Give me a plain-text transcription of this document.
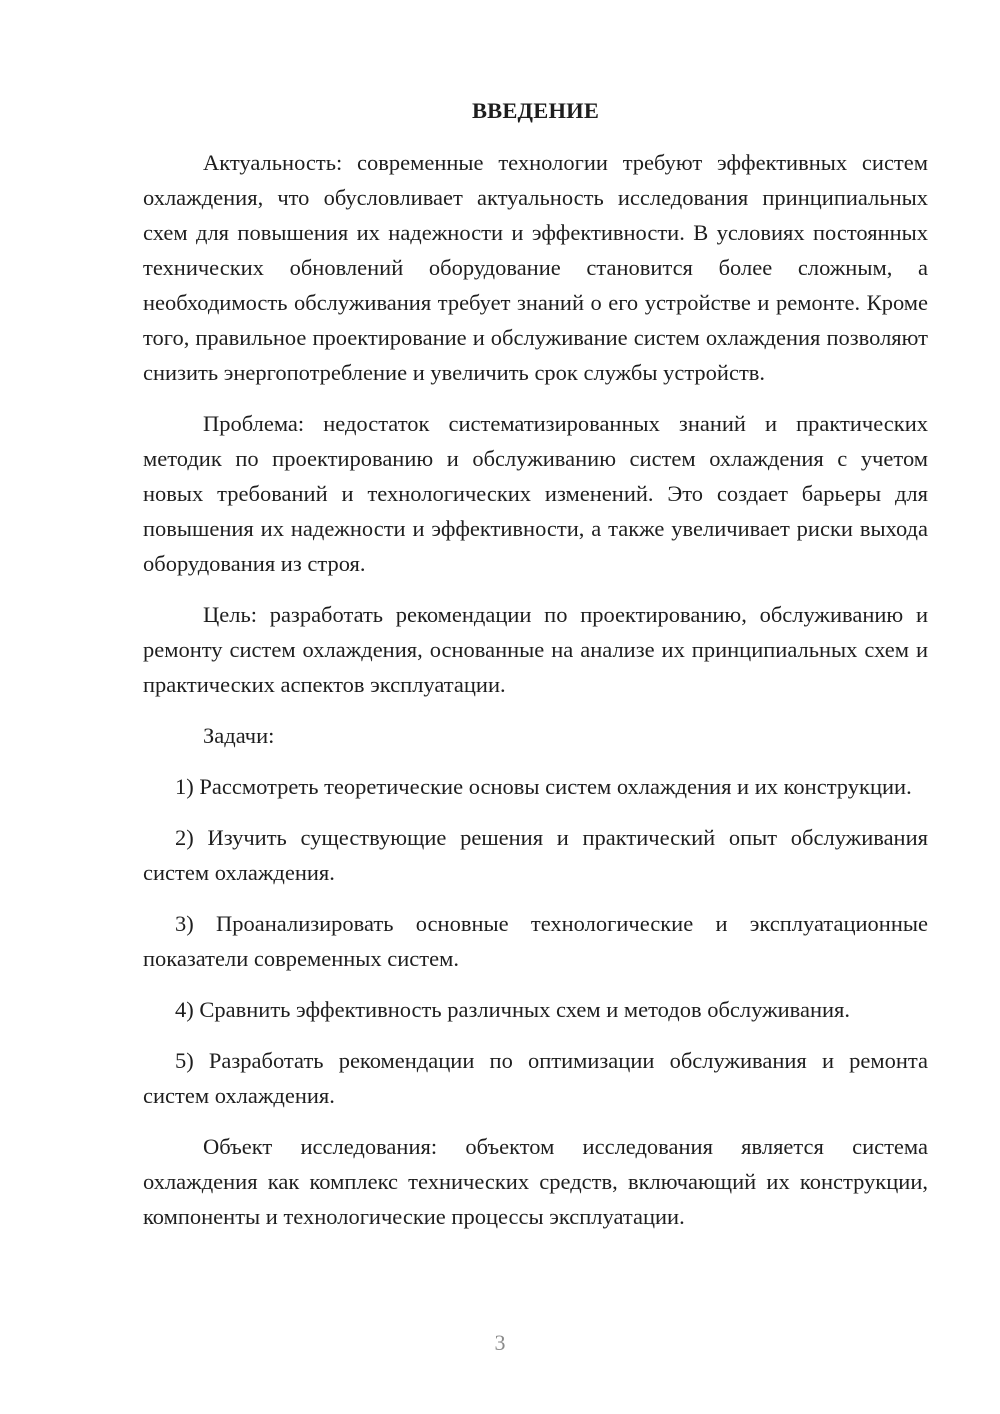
ВВЕДЕНИЕ

Актуальность: современные технологии требуют эффективных систем охлаждения, что обусловливает актуальность исследования принципиальных схем для повышения их надежности и эффективности. В условиях постоянных технических обновлений оборудование становится более сложным, а необходимость обслуживания требует знаний о его устройстве и ремонте. Кроме того, правильное проектирование и обслуживание систем охлаждения позволяют снизить энергопотребление и увеличить срок службы устройств.

Проблема: недостаток систематизированных знаний и практических методик по проектированию и обслуживанию систем охлаждения с учетом новых требований и технологических изменений. Это создает барьеры для повышения их надежности и эффективности, а также увеличивает риски выхода оборудования из строя.

Цель: разработать рекомендации по проектированию, обслуживанию и ремонту систем охлаждения, основанные на анализе их принципиальных схем и практических аспектов эксплуатации.

Задачи:

1) Рассмотреть теоретические основы систем охлаждения и их конструкции.

2) Изучить существующие решения и практический опыт обслуживания систем охлаждения.

3) Проанализировать основные технологические и эксплуатационные показатели современных систем.

4) Сравнить эффективность различных схем и методов обслуживания.

5) Разработать рекомендации по оптимизации обслуживания и ремонта систем охлаждения.

Объект исследования: объектом исследования является система охлаждения как комплекс технических средств, включающий их конструкции, компоненты и технологические процессы эксплуатации.

3
